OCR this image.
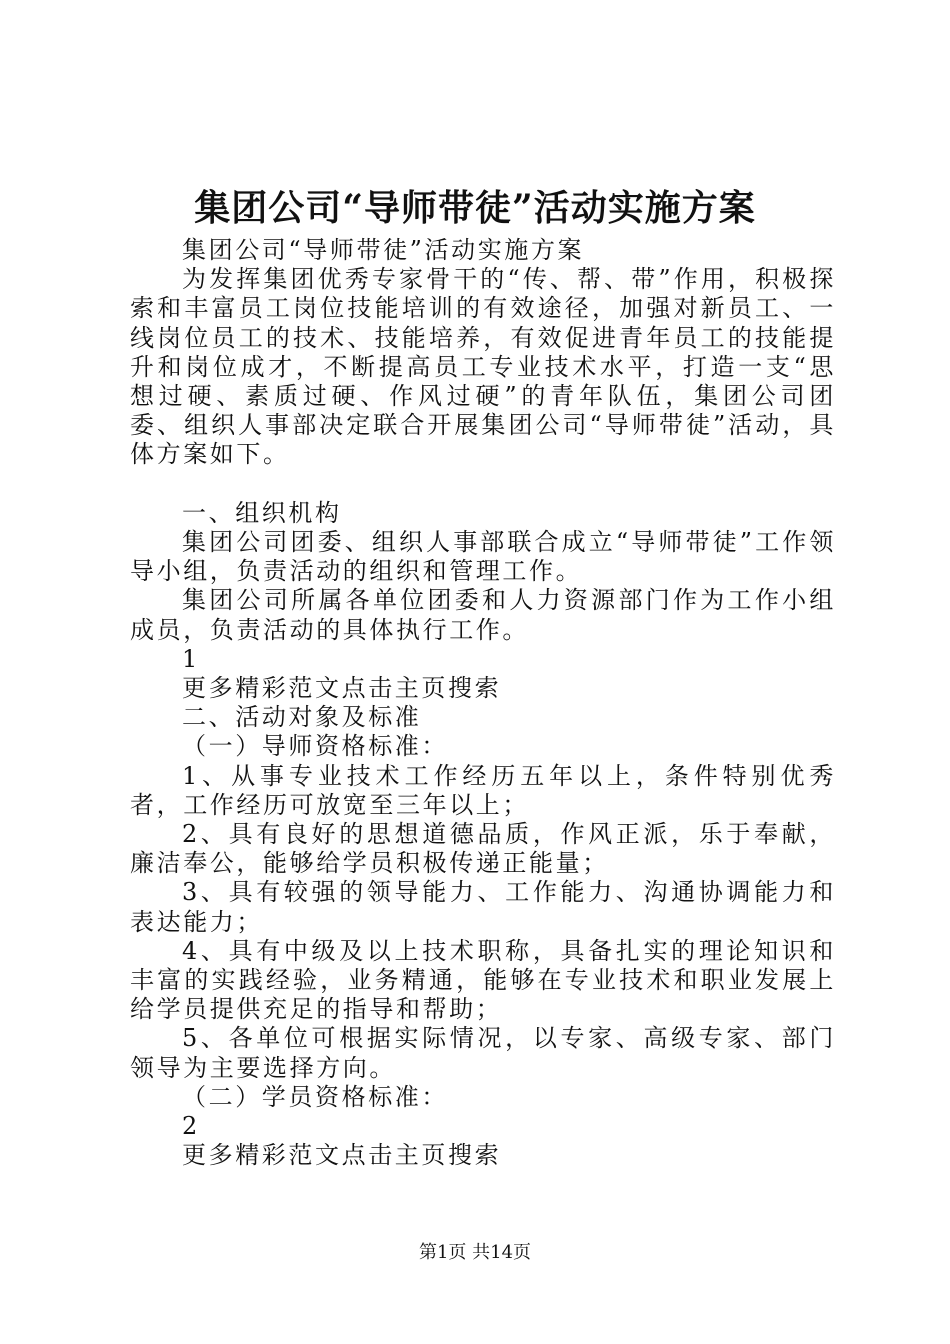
集团公司“导师带徒”活动实施方案

集团公司“导师带徒”活动实施方案

为发挥集团优秀专家骨干的“传、帮、带”作用，积极探索和丰富员工岗位技能培训的有效途径，加强对新员工、一线岗位员工的技术、技能培养，有效促进青年员工的技能提升和岗位成才，不断提高员工专业技术水平，打造一支“思想过硬、素质过硬、作风过硬”的青年队伍，集团公司团委、组织人事部决定联合开展集团公司“导师带徒”活动，具体方案如下。

一、组织机构

集团公司团委、组织人事部联合成立“导师带徒”工作领导小组，负责活动的组织和管理工作。

集团公司所属各单位团委和人力资源部门作为工作小组成员，负责活动的具体执行工作。

1

更多精彩范文点击主页搜索

二、活动对象及标准

（一）导师资格标准：

1、从事专业技术工作经历五年以上，条件特别优秀者，工作经历可放宽至三年以上；

2、具有良好的思想道德品质，作风正派，乐于奉献，廉洁奉公，能够给学员积极传递正能量；

3、具有较强的领导能力、工作能力、沟通协调能力和表达能力；

4、具有中级及以上技术职称，具备扎实的理论知识和丰富的实践经验，业务精通，能够在专业技术和职业发展上给学员提供充足的指导和帮助；

5、各单位可根据实际情况，以专家、高级专家、部门领导为主要选择方向。

（二）学员资格标准：

2

更多精彩范文点击主页搜索

第1页 共14页
